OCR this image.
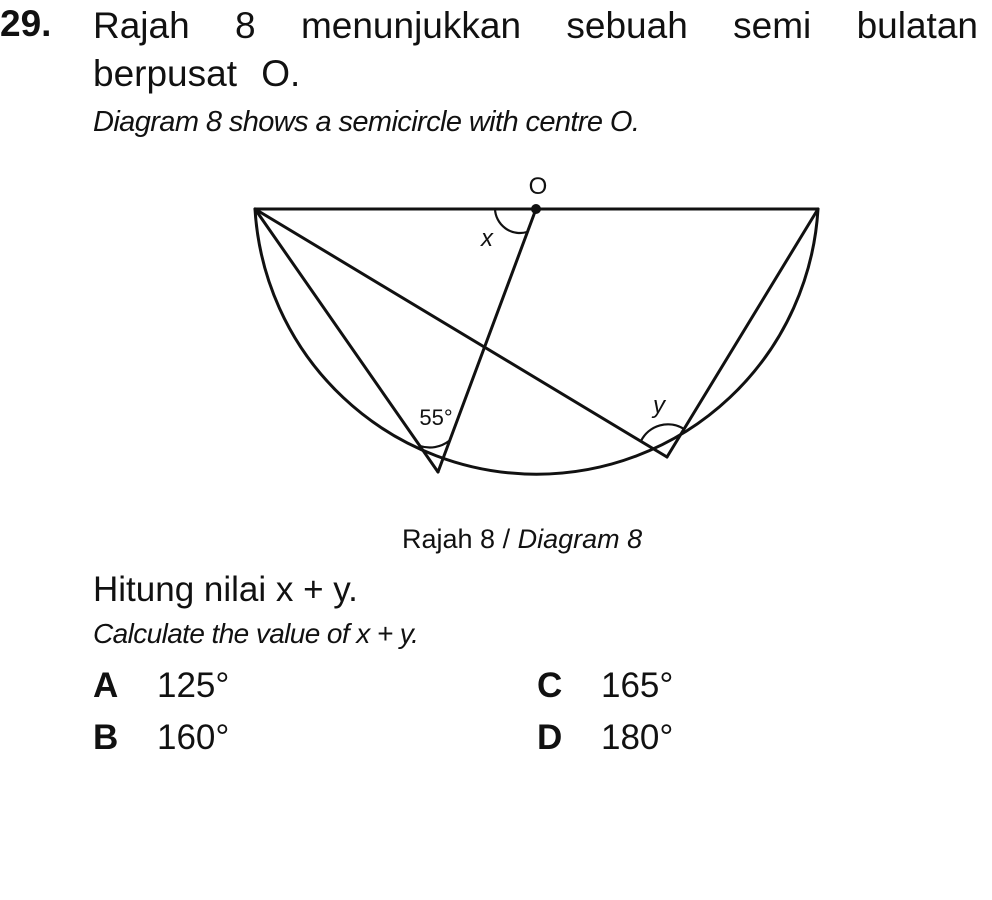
29. Rajah 8 menunjukkan sebuah semi bulatan berpusat O.
Diagram 8 shows a semicircle with centre O.
O
x
55°	y
Rajah 8 / Diagram 8
Hitung nilai x + y.
Calculate the value of x + y.
A 125°	C 165°
B 160°	D 180°
